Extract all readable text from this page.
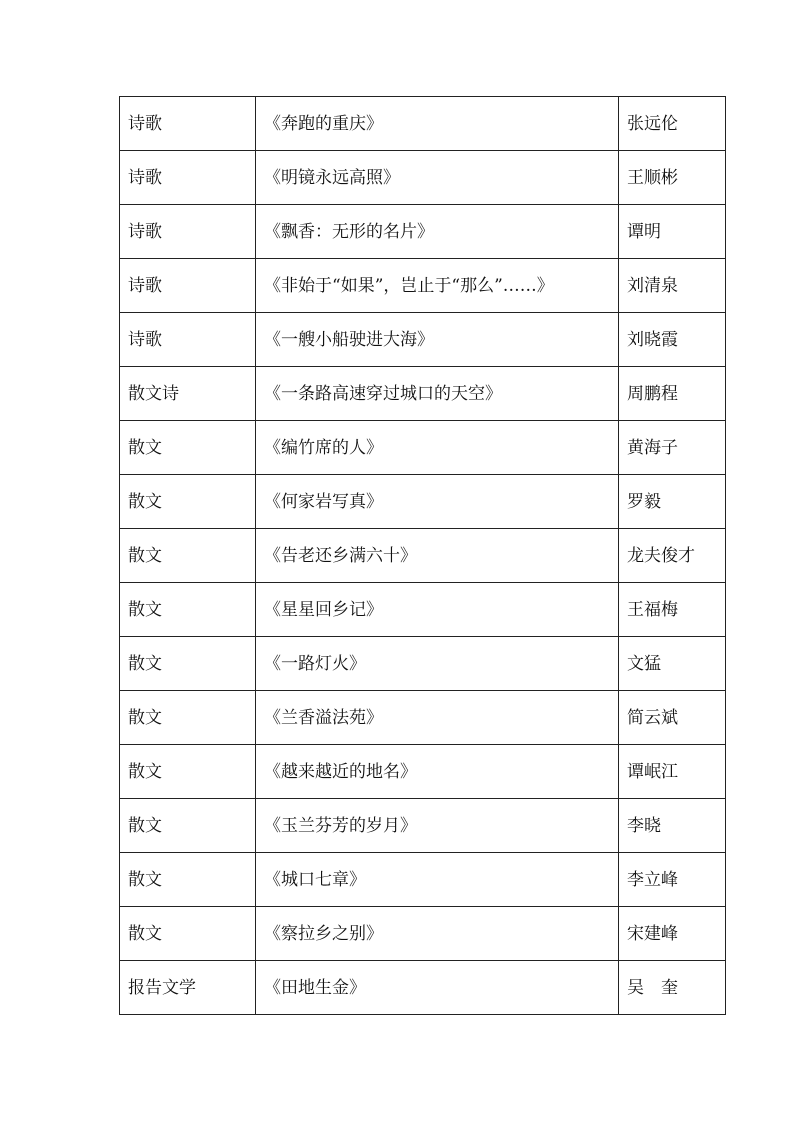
诗歌	《奔跑的重庆》	张远伦
诗歌	《明镜永远高照》	王顺彬
诗歌	《飘香：无形的名片》	谭明
诗歌	《非始于“如果”，岂止于“那么”……》	刘清泉
诗歌	《一艘小船驶进大海》	刘晓霞
散文诗	《一条路高速穿过城口的天空》	周鹏程
散文	《编竹席的人》	黄海子
散文	《何家岩写真》	罗毅
散文	《告老还乡满六十》	龙夫俊才
散文	《星星回乡记》	王福梅
散文	《一路灯火》	文猛
散文	《兰香溢法苑》	简云斌
散文	《越来越近的地名》	谭岷江
散文	《玉兰芬芳的岁月》	李晓
散文	《城口七章》	李立峰
散文	《察拉乡之别》	宋建峰
报告文学	《田地生金》	吴　奎
